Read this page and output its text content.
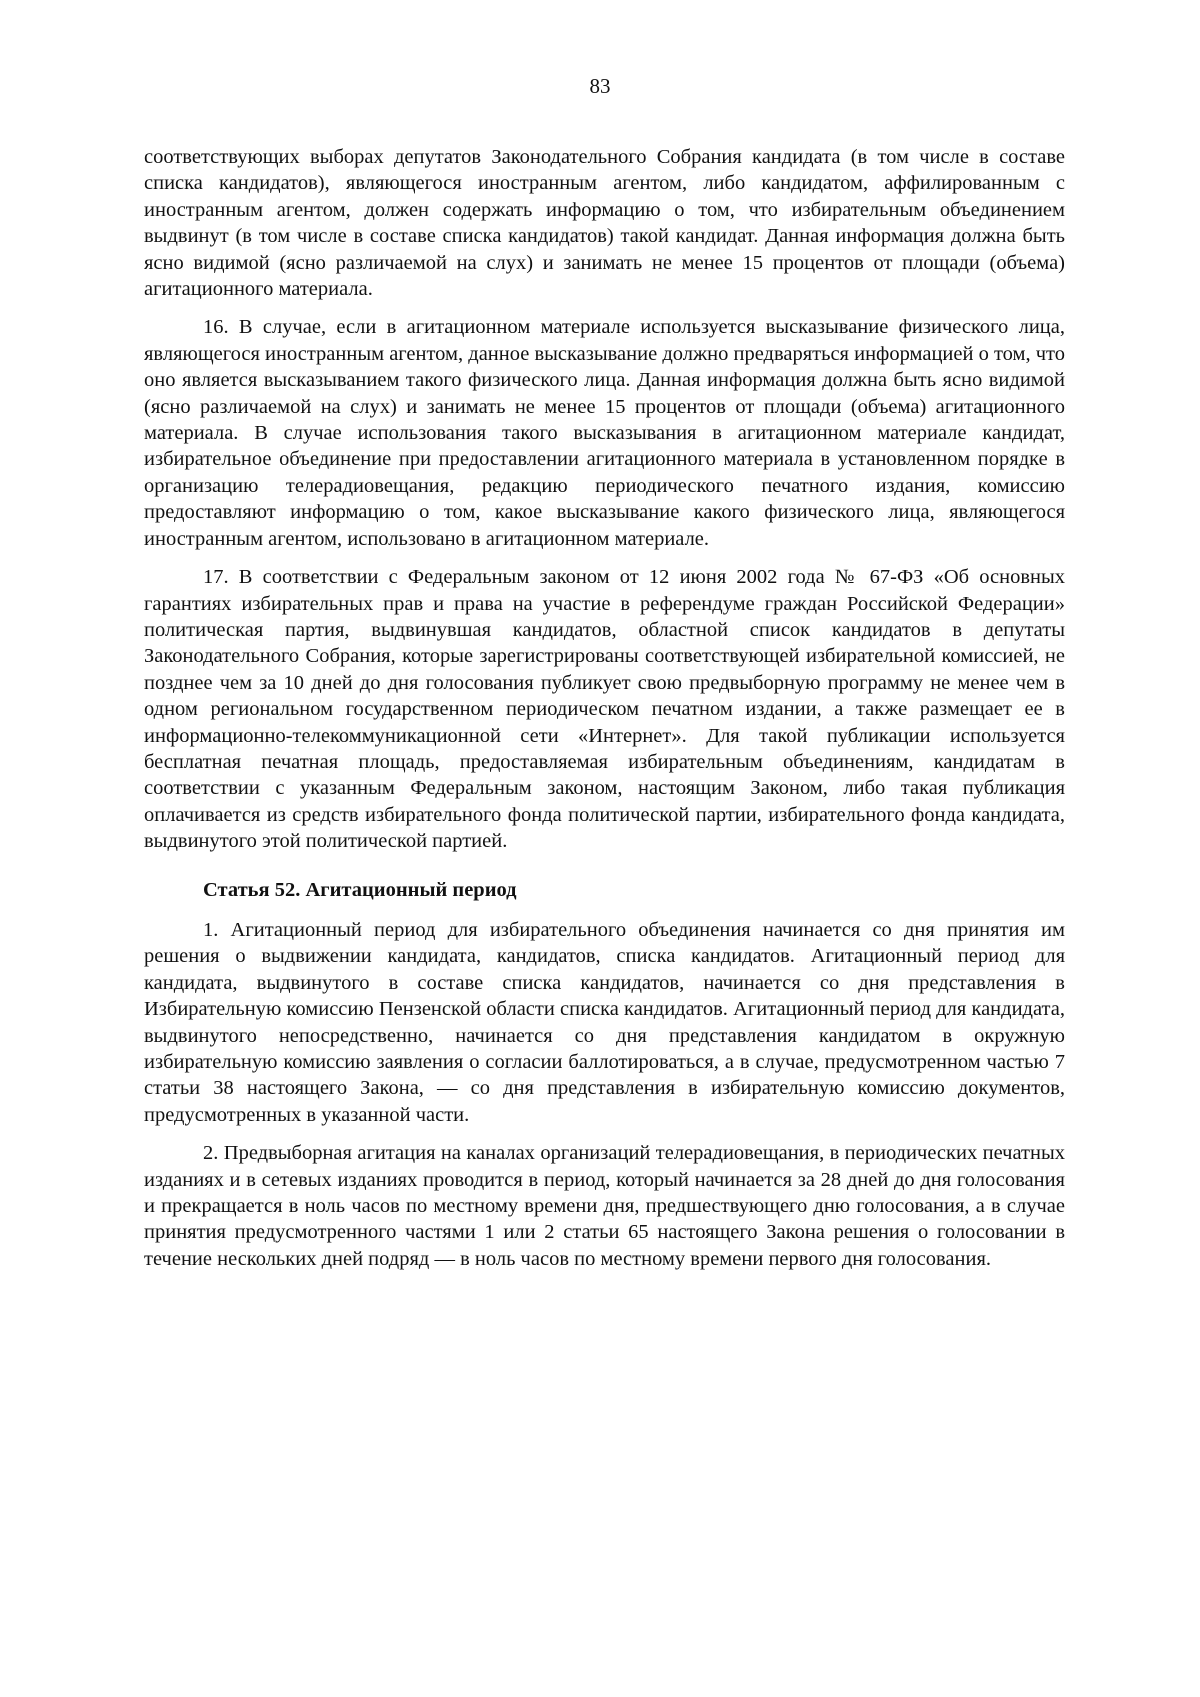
83

соответствующих выборах депутатов Законодательного Собрания кандидата (в том числе в составе списка кандидатов), являющегося иностранным агентом, либо кандидатом, аффилированным с иностранным агентом, должен содержать информацию о том, что избирательным объединением выдвинут (в том числе в составе списка кандидатов) такой кандидат. Данная информация должна быть ясно видимой (ясно различаемой на слух) и занимать не менее 15 процентов от площади (объема) агитационного материала.

16. В случае, если в агитационном материале используется высказывание физического лица, являющегося иностранным агентом, данное высказывание должно предваряться информацией о том, что оно является высказыванием такого физического лица. Данная информация должна быть ясно видимой (ясно различаемой на слух) и занимать не менее 15 процентов от площади (объема) агитационного материала. В случае использования такого высказывания в агитационном материале кандидат, избирательное объединение при предоставлении агитационного материала в установленном порядке в организацию телерадиовещания, редакцию периодического печатного издания, комиссию предоставляют информацию о том, какое высказывание какого физического лица, являющегося иностранным агентом, использовано в агитационном материале.

17. В соответствии с Федеральным законом от 12 июня 2002 года № 67-ФЗ «Об основных гарантиях избирательных прав и права на участие в референдуме граждан Российской Федерации» политическая партия, выдвинувшая кандидатов, областной список кандидатов в депутаты Законодательного Собрания, которые зарегистрированы соответствующей избирательной комиссией, не позднее чем за 10 дней до дня голосования публикует свою предвыборную программу не менее чем в одном региональном государственном периодическом печатном издании, а также размещает ее в информационно-телекоммуникационной сети «Интернет». Для такой публикации используется бесплатная печатная площадь, предоставляемая избирательным объединениям, кандидатам в соответствии с указанным Федеральным законом, настоящим Законом, либо такая публикация оплачивается из средств избирательного фонда политической партии, избирательного фонда кандидата, выдвинутого этой политической партией.

Статья 52. Агитационный период

1. Агитационный период для избирательного объединения начинается со дня принятия им решения о выдвижении кандидата, кандидатов, списка кандидатов. Агитационный период для кандидата, выдвинутого в составе списка кандидатов, начинается со дня представления в Избирательную комиссию Пензенской области списка кандидатов. Агитационный период для кандидата, выдвинутого непосредственно, начинается со дня представления кандидатом в окружную избирательную комиссию заявления о согласии баллотироваться, а в случае, предусмотренном частью 7 статьи 38 настоящего Закона, — со дня представления в избирательную комиссию документов, предусмотренных в указанной части.

2. Предвыборная агитация на каналах организаций телерадиовещания, в периодических печатных изданиях и в сетевых изданиях проводится в период, который начинается за 28 дней до дня голосования и прекращается в ноль часов по местному времени дня, предшествующего дню голосования, а в случае принятия предусмотренного частями 1 или 2 статьи 65 настоящего Закона решения о голосовании в течение нескольких дней подряд — в ноль часов по местному времени первого дня голосования.
